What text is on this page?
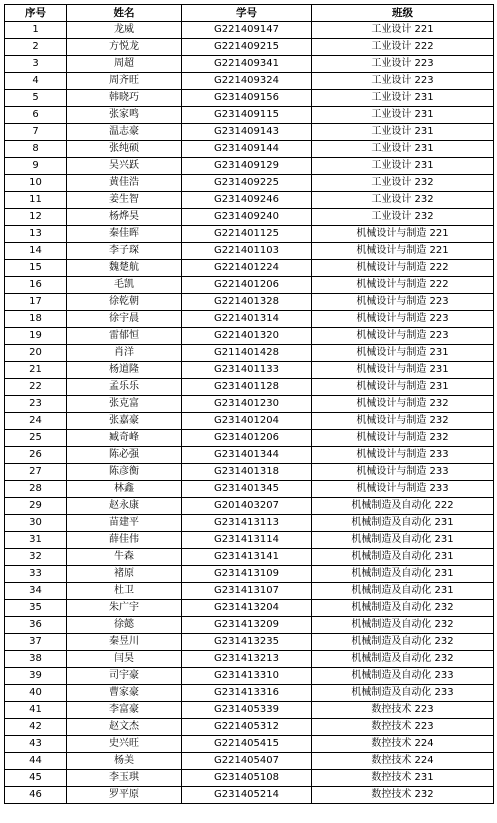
序号	姓名	学号	班级
1	龙威	G221409147	工业设计 221
2	方悦龙	G221409215	工业设计 222
3	周超	G221409341	工业设计 223
4	周齐旺	G221409324	工业设计 223
5	韩晓巧	G231409156	工业设计 231
6	张家鸣	G231409115	工业设计 231
7	温志豪	G231409143	工业设计 231
8	张纯硕	G231409144	工业设计 231
9	吴兴跃	G231409129	工业设计 231
10	黄佳浩	G231409225	工业设计 232
11	姜生智	G231409246	工业设计 232
12	杨烨昊	G231409240	工业设计 232
13	秦佳晖	G221401125	机械设计与制造 221
14	李子琛	G221401103	机械设计与制造 221
15	魏楚航	G221401224	机械设计与制造 222
16	毛凯	G221401206	机械设计与制造 222
17	徐乾朝	G221401328	机械设计与制造 223
18	徐宇晨	G221401314	机械设计与制造 223
19	雷郁恒	G221401320	机械设计与制造 223
20	肖洋	G211401428	机械设计与制造 231
21	杨道隆	G231401133	机械设计与制造 231
22	孟乐乐	G231401128	机械设计与制造 231
23	张克富	G231401230	机械设计与制造 232
24	张嘉豪	G231401204	机械设计与制造 232
25	臧奇峰	G231401206	机械设计与制造 232
26	陈必强	G231401344	机械设计与制造 233
27	陈彦衡	G231401318	机械设计与制造 233
28	林鑫	G231401345	机械设计与制造 233
29	赵永康	G201403207	机械制造及自动化 222
30	苗建平	G231413113	机械制造及自动化 231
31	薛佳伟	G231413114	机械制造及自动化 231
32	牛森	G231413141	机械制造及自动化 231
33	褚原	G231413109	机械制造及自动化 231
34	杜卫	G231413107	机械制造及自动化 231
35	朱广宇	G231413204	机械制造及自动化 232
36	徐懿	G231413209	机械制造及自动化 232
37	秦昱川	G231413235	机械制造及自动化 232
38	闫昊	G231413213	机械制造及自动化 232
39	司宇豪	G231413310	机械制造及自动化 233
40	曹家豪	G231413316	机械制造及自动化 233
41	李富豪	G231405339	数控技术 223
42	赵文杰	G221405312	数控技术 223
43	史兴旺	G221405415	数控技术 224
44	杨美	G221405407	数控技术 224
45	李玉琪	G231405108	数控技术 231
46	罗平原	G231405214	数控技术 232
